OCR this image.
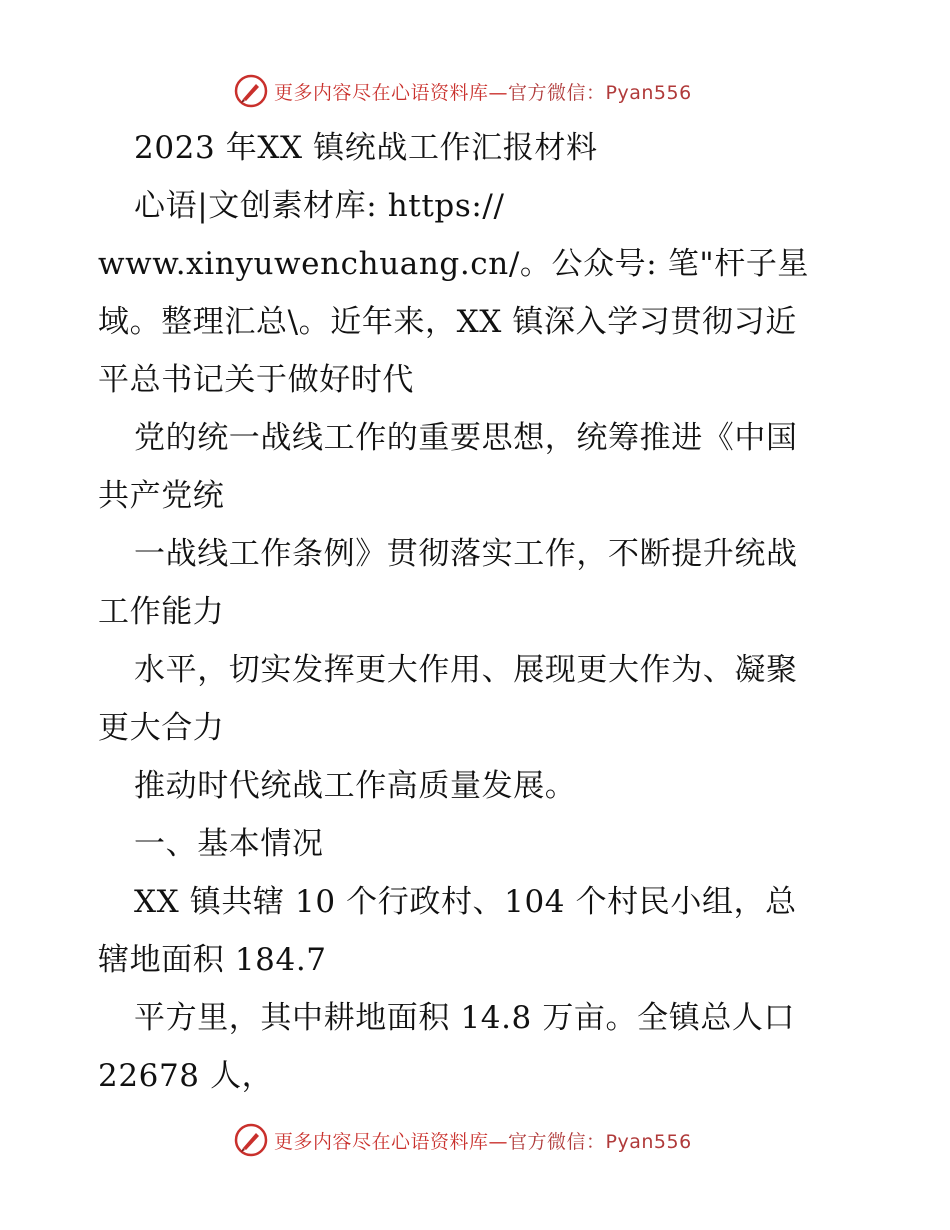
更多内容尽在心语资料库—官方微信：Pyan556
2023 年XX 镇统战工作汇报材料
心语|文创素材库: https://
www.xinyuwenchuang.cn/。公众号: 笔"杆子星
域。整理汇总\。近年来，XX 镇深入学习贯彻习近
平总书记关于做好时代
党的统一战线工作的重要思想，统筹推进《中国
共产党统
一战线工作条例》贯彻落实工作，不断提升统战
工作能力
水平，切实发挥更大作用、展现更大作为、凝聚
更大合力
推动时代统战工作高质量发展。
一、基本情况
XX 镇共辖 10 个行政村、104 个村民小组，总
辖地面积 184.7
平方里，其中耕地面积 14.8 万亩。全镇总人口
22678 人，
更多内容尽在心语资料库—官方微信：Pyan556
